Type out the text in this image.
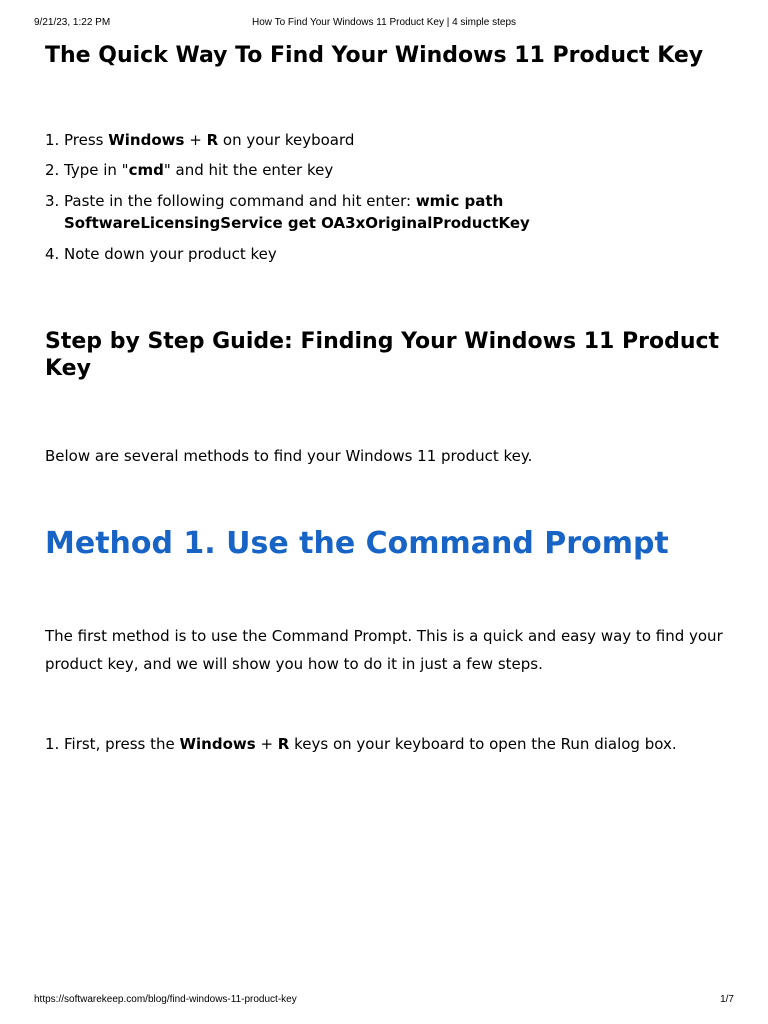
9/21/23, 1:22 PM	How To Find Your Windows 11 Product Key | 4 simple steps
The Quick Way To Find Your Windows 11 Product Key
1. Press Windows + R on your keyboard
2. Type in "cmd" and hit the enter key
3. Paste in the following command and hit enter: wmic path SoftwareLicensingService get OA3xOriginalProductKey
4. Note down your product key
Step by Step Guide: Finding Your Windows 11 Product Key

Below are several methods to find your Windows 11 product key.

Method 1. Use the Command Prompt

The first method is to use the Command Prompt. This is a quick and easy way to find your product key, and we will show you how to do it in just a few steps.

1. First, press the Windows + R keys on your keyboard to open the Run dialog box.
https://softwarekeep.com/blog/find-windows-11-product-key	1/7
